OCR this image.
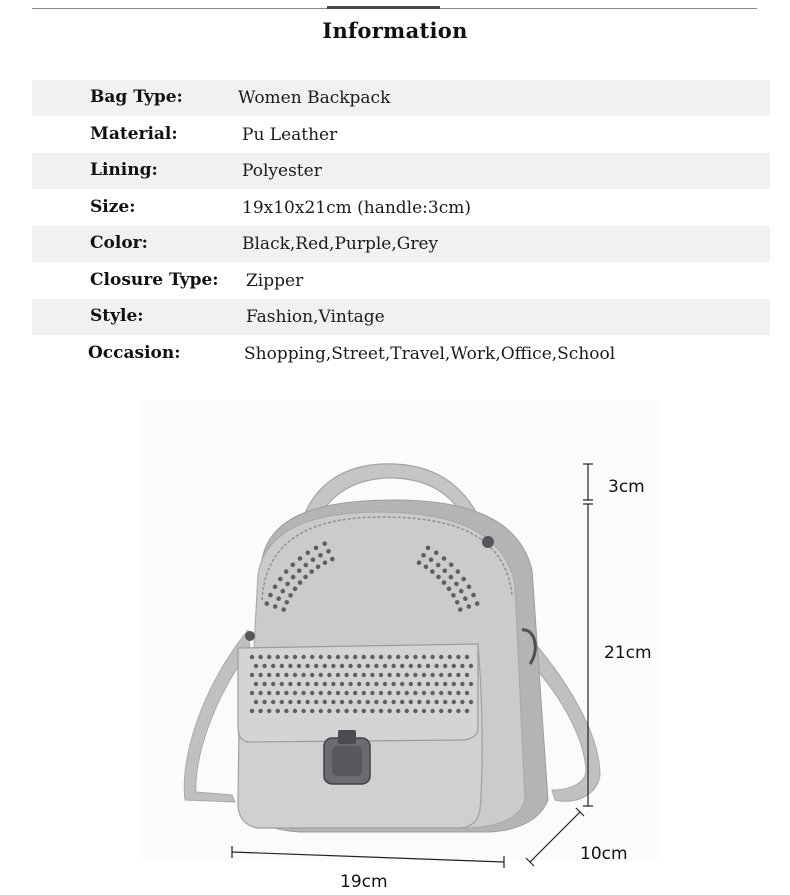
Information
Bag Type:	Women Backpack
Material:	Pu Leather
Lining:	Polyester
Size:	19x10x21cm (handle:3cm)
Color:	Black,Red,Purple,Grey
Closure Type: Zipper
Style:	Fashion,Vintage
Occasion:	Shopping,Street,Travel,Work,Office,School
3cm
21cm
10cm
19cm
